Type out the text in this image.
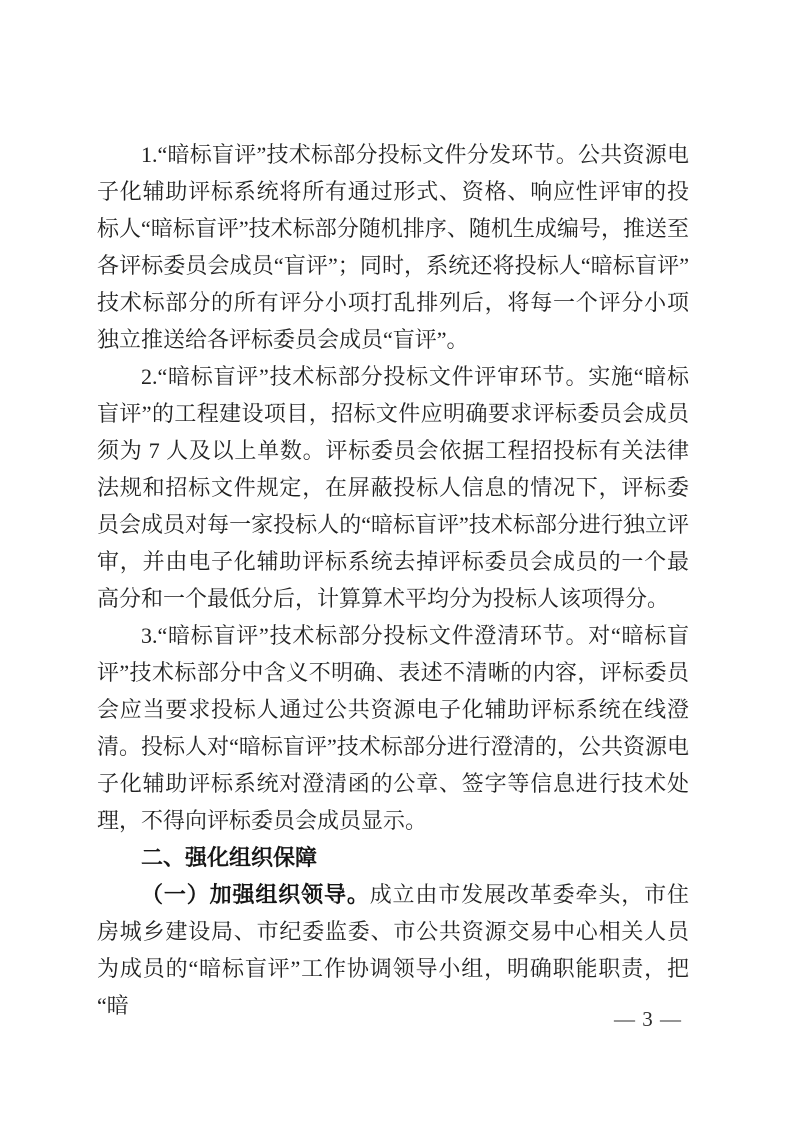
1.“暗标盲评”技术标部分投标文件分发环节。公共资源电子化辅助评标系统将所有通过形式、资格、响应性评审的投标人“暗标盲评”技术标部分随机排序、随机生成编号，推送至各评标委员会成员“盲评”；同时，系统还将投标人“暗标盲评”技术标部分的所有评分小项打乱排列后，将每一个评分小项独立推送给各评标委员会成员“盲评”。

2.“暗标盲评”技术标部分投标文件评审环节。实施“暗标盲评”的工程建设项目，招标文件应明确要求评标委员会成员须为 7 人及以上单数。评标委员会依据工程招投标有关法律法规和招标文件规定，在屏蔽投标人信息的情况下，评标委员会成员对每一家投标人的“暗标盲评”技术标部分进行独立评审，并由电子化辅助评标系统去掉评标委员会成员的一个最高分和一个最低分后，计算算术平均分为投标人该项得分。

3.“暗标盲评”技术标部分投标文件澄清环节。对“暗标盲评”技术标部分中含义不明确、表述不清晰的内容，评标委员会应当要求投标人通过公共资源电子化辅助评标系统在线澄清。投标人对“暗标盲评”技术标部分进行澄清的，公共资源电子化辅助评标系统对澄清函的公章、签字等信息进行技术处理，不得向评标委员会成员显示。

二、强化组织保障

（一）加强组织领导。成立由市发展改革委牵头，市住房城乡建设局、市纪委监委、市公共资源交易中心相关人员为成员的“暗标盲评”工作协调领导小组，明确职能职责，把“暗

— 3 —
